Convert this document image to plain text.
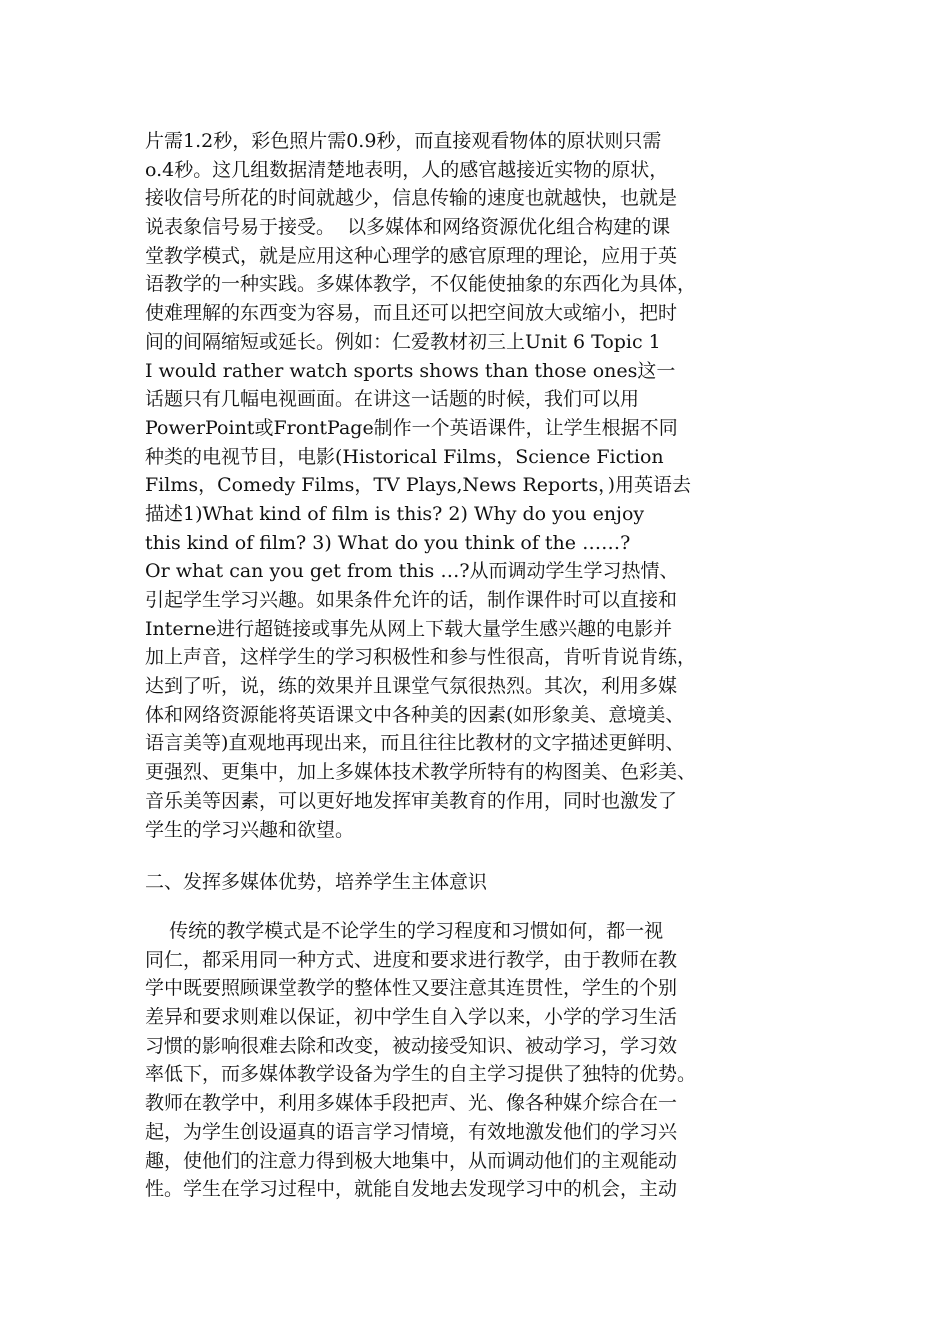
片需1.2秒，彩色照片需0.9秒，而直接观看物体的原状则只需
o.4秒。这几组数据清楚地表明，人的感官越接近实物的原状，
接收信号所花的时间就越少，信息传输的速度也就越快，也就是
说表象信号易于接受。  以多媒体和网络资源优化组合构建的课
堂教学模式，就是应用这种心理学的感官原理的理论，应用于英
语教学的一种实践。多媒体教学，不仅能使抽象的东西化为具体，
使难理解的东西变为容易，而且还可以把空间放大或缩小，把时
间的间隔缩短或延长。例如：仁爱教材初三上Unit 6 Topic 1
I would rather watch sports shows than those ones这一
话题只有几幅电视画面。在讲这一话题的时候，我们可以用
PowerPoint或FrontPage制作一个英语课件，让学生根据不同
种类的电视节目，电影(Historical Films，Science Fiction
Films，Comedy Films，TV Plays,News Reports，)用英语去
描述1)What kind of film is this? 2) Why do you enjoy
this kind of film? 3) What do you think of the ……?
Or what can you get from this …?从而调动学生学习热情、
引起学生学习兴趣。如果条件允许的话，制作课件时可以直接和
Interne进行超链接或事先从网上下载大量学生感兴趣的电影并
加上声音，这样学生的学习积极性和参与性很高，肯听肯说肯练，
达到了听，说，练的效果并且课堂气氛很热烈。其次，利用多媒
体和网络资源能将英语课文中各种美的因素(如形象美、意境美、
语言美等)直观地再现出来，而且往往比教材的文字描述更鲜明、
更强烈、更集中，加上多媒体技术教学所特有的构图美、色彩美、
音乐美等因素，可以更好地发挥审美教育的作用，同时也激发了
学生的学习兴趣和欲望。
二、发挥多媒体优势，培养学生主体意识
传统的教学模式是不论学生的学习程度和习惯如何，都一视
同仁，都采用同一种方式、进度和要求进行教学，由于教师在教
学中既要照顾课堂教学的整体性又要注意其连贯性，学生的个别
差异和要求则难以保证，初中学生自入学以来，小学的学习生活
习惯的影响很难去除和改变，被动接受知识、被动学习，学习效
率低下，而多媒体教学设备为学生的自主学习提供了独特的优势。
教师在教学中，利用多媒体手段把声、光、像各种媒介综合在一
起，为学生创设逼真的语言学习情境，有效地激发他们的学习兴
趣，使他们的注意力得到极大地集中，从而调动他们的主观能动
性。学生在学习过程中，就能自发地去发现学习中的机会，主动
